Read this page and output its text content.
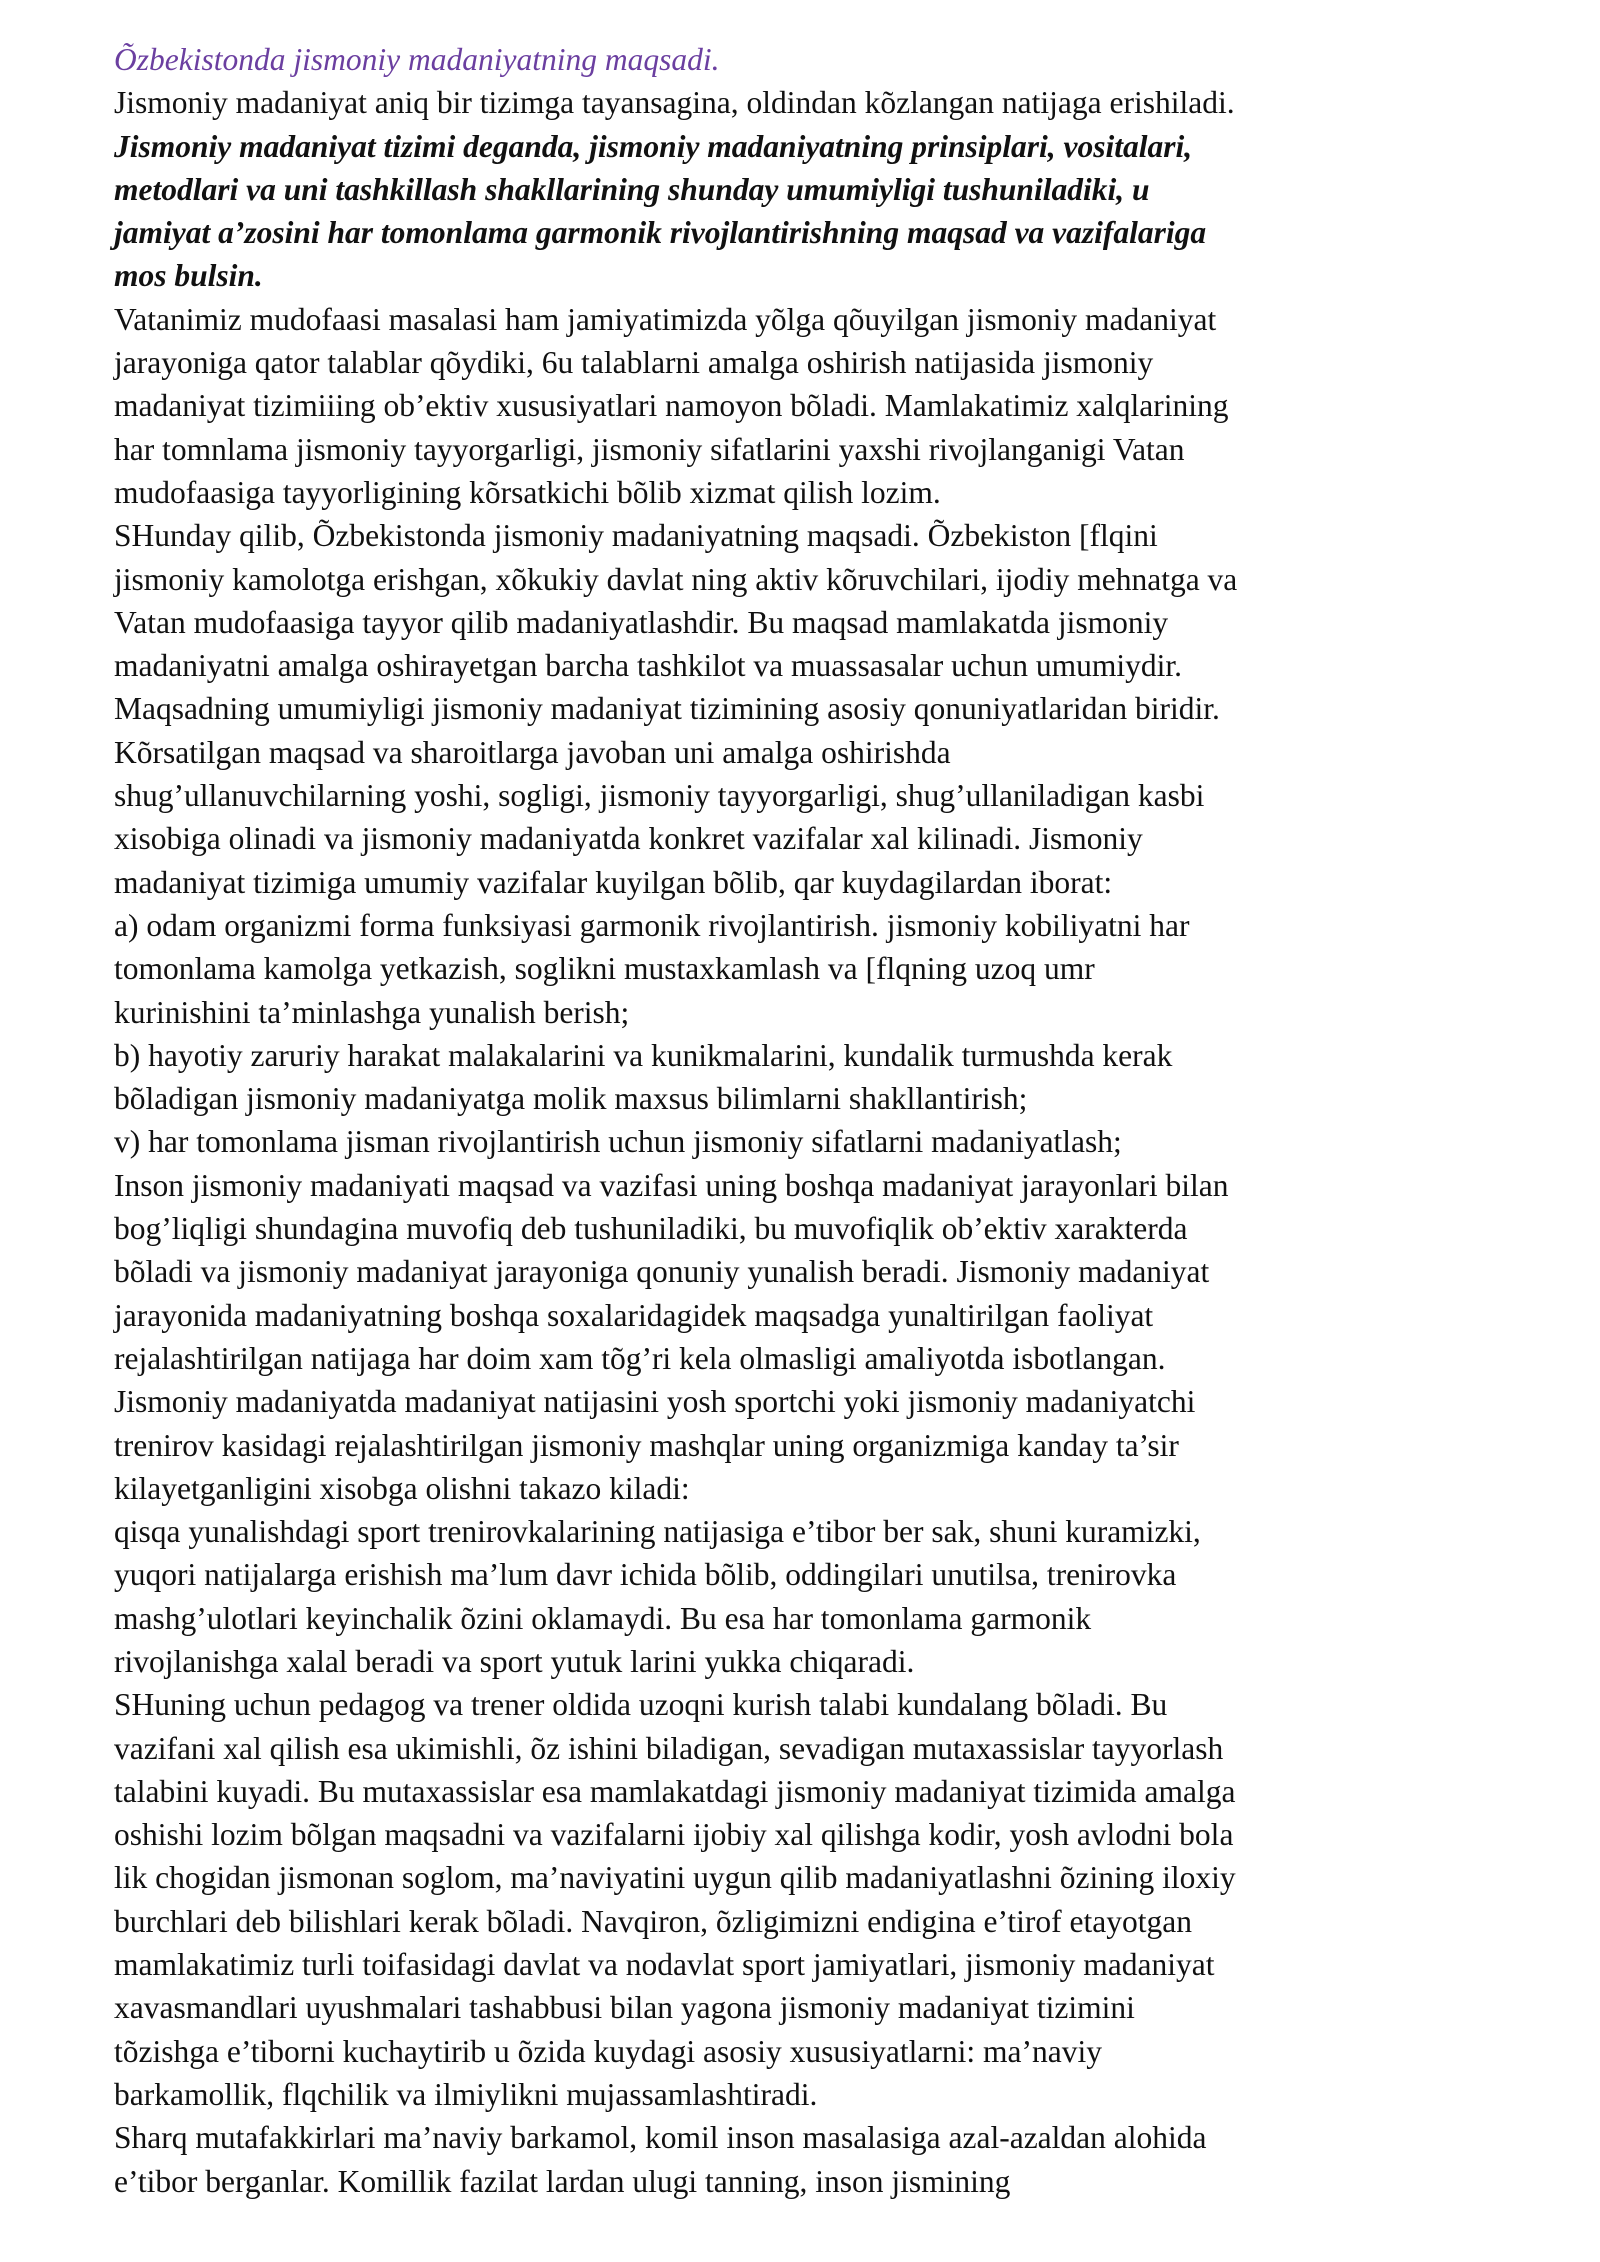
Õzbekistonda jismoniy madaniyatning maqsadi.
Jismoniy madaniyat aniq bir tizimga tayansagina, oldindan kõzlangan natijaga erishiladi.
Jismoniy madaniyat tizimi deganda, jismoniy madaniyatning prinsiplari, vositalari,
metodlari va uni tashkillash shakllarining shunday umumiyligi tushuniladiki, u
jamiyat a’zosini har tomonlama garmonik rivojlantirishning maqsad va vazifalariga
mos bulsin.
Vatanimiz mudofaasi masalasi ham jamiyatimizda yõlga qõuyilgan jismoniy madaniyat
jarayoniga qator talablar qõydiki, 6u talablarni amalga oshirish natijasida jismoniy
madaniyat tizimiiing ob’ektiv xususiyatlari namoyon bõladi. Mamlakatimiz xalqlarining
har tomnlama jismoniy tayyorgarligi, jismoniy sifatlarini yaxshi rivojlanganigi Vatan
mudofaasiga tayyorligining kõrsatkichi bõlib xizmat qilish lozim.
SHunday qilib, Õzbekistonda jismoniy madaniyatning maqsadi. Õzbekiston [flqini
jismoniy kamolotga erishgan, xõkukiy davlat ning aktiv kõruvchilari, ijodiy mehnatga va
Vatan mudofaasiga tayyor qilib madaniyatlashdir. Bu maqsad mamlakatda jismoniy
madaniyatni amalga oshirayetgan barcha tashkilot va muassasalar uchun umumiydir.
Maqsadning umumiyligi jismoniy madaniyat tizimining asosiy qonuniyatlaridan biridir.
Kõrsatilgan maqsad va sharoitlarga javoban uni amalga oshirishda
shug’ullanuvchilarning yoshi, sogligi, jismoniy tayyorgarligi, shug’ullaniladigan kasbi
xisobiga olinadi va jismoniy madaniyatda konkret vazifalar xal kilinadi. Jismoniy
madaniyat tizimiga umumiy vazifalar kuyilgan bõlib, qar kuydagilardan iborat:
a) odam organizmi forma funksiyasi garmonik rivojlantirish. jismoniy kobiliyatni har
tomonlama kamolga yetkazish, soglikni mustaxkamlash va [flqning uzoq umr
kurinishini ta’minlashga yunalish berish;
b) hayotiy zaruriy harakat malakalarini va kunikmalarini, kundalik turmushda kerak
bõladigan jismoniy madaniyatga molik maxsus bilimlarni shakllantirish;
v) har tomonlama jisman rivojlantirish uchun jismoniy sifatlarni madaniyatlash;
Inson jismoniy madaniyati maqsad va vazifasi uning boshqa madaniyat jarayonlari bilan
bog’liqligi shundagina muvofiq deb tushuniladiki, bu muvofiqlik ob’ektiv xarakterda
bõladi va jismoniy madaniyat jarayoniga qonuniy yunalish beradi. Jismoniy madaniyat
jarayonida madaniyatning boshqa soxalaridagidek maqsadga yunaltirilgan faoliyat
rejalashtirilgan natijaga har doim xam tõg’ri kela olmasligi amaliyotda isbotlangan.
Jismoniy madaniyatda madaniyat natijasini yosh sportchi yoki jismoniy madaniyatchi
trenirov kasidagi rejalashtirilgan jismoniy mashqlar uning organizmiga kanday ta’sir
kilayetganligini xisobga olishni takazo kiladi:
qisqa yunalishdagi sport trenirovkalarining natijasiga e’tibor ber sak, shuni kuramizki,
yuqori natijalarga erishish ma’lum davr ichida bõlib, oddingilari unutilsa, trenirovka
mashg’ulotlari keyinchalik õzini oklamaydi. Bu esa har tomonlama garmonik
rivojlanishga xalal beradi va sport yutuk larini yukka chiqaradi.
SHuning uchun pedagog va trener oldida uzoqni kurish talabi kundalang bõladi. Bu
vazifani xal qilish esa ukimishli, õz ishini biladigan, sevadigan mutaxassislar tayyorlash
talabini kuyadi. Bu mutaxassislar esa mamlakatdagi jismoniy madaniyat tizimida amalga
oshishi lozim bõlgan maqsadni va vazifalarni ijobiy xal qilishga kodir, yosh avlodni bola
lik chogidan jismonan soglom, ma’naviyatini uygun qilib madaniyatlashni õzining iloxiy
burchlari deb bilishlari kerak bõladi. Navqiron, õzligimizni endigina e’tirof etayotgan
mamlakatimiz turli toifasidagi davlat va nodavlat sport jamiyatlari, jismoniy madaniyat
xavasmandlari uyushmalari tashabbusi bilan yagona jismoniy madaniyat tizimini
tõzishga e’tiborni kuchaytirib u õzida kuydagi asosiy xususiyatlarni: ma’naviy
barkamollik, flqchilik va ilmiylikni mujassamlashtiradi.
Sharq mutafakkirlari ma’naviy barkamol, komil inson masalasiga azal-azaldan alohida
e’tibor berganlar. Komillik fazilat lardan ulugi tanning, inson jismining
